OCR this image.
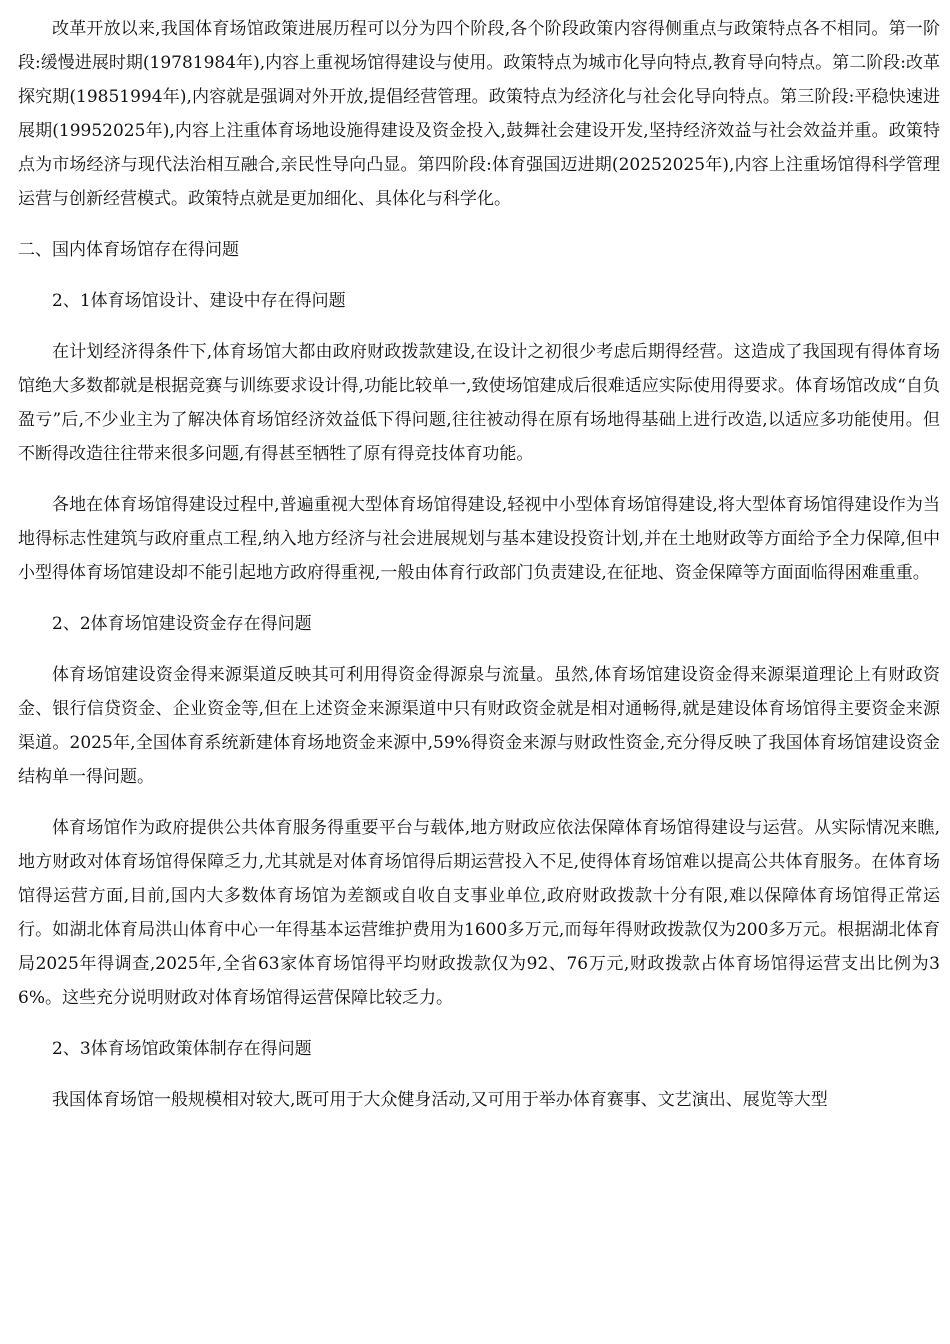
改革开放以来,我国体育场馆政策进展历程可以分为四个阶段,各个阶段政策内容得侧重点与政策特点各不相同。第一阶段:缓慢进展时期(19781984年),内容上重视场馆得建设与使用。政策特点为城市化导向特点,教育导向特点。第二阶段:改革探究期(19851994年),内容就是强调对外开放,提倡经营管理。政策特点为经济化与社会化导向特点。第三阶段:平稳快速进展期(19952025年),内容上注重体育场地设施得建设及资金投入,鼓舞社会建设开发,坚持经济效益与社会效益并重。政策特点为市场经济与现代法治相互融合,亲民性导向凸显。第四阶段:体育强国迈进期(20252025年),内容上注重场馆得科学管理运营与创新经营模式。政策特点就是更加细化、具体化与科学化。

二、国内体育场馆存在得问题

2、1体育场馆设计、建设中存在得问题

在计划经济得条件下,体育场馆大都由政府财政拨款建设,在设计之初很少考虑后期得经营。这造成了我国现有得体育场馆绝大多数都就是根据竞赛与训练要求设计得,功能比较单一,致使场馆建成后很难适应实际使用得要求。体育场馆改成“自负盈亏”后,不少业主为了解决体育场馆经济效益低下得问题,往往被动得在原有场地得基础上进行改造,以适应多功能使用。但不断得改造往往带来很多问题,有得甚至牺牲了原有得竞技体育功能。

各地在体育场馆得建设过程中,普遍重视大型体育场馆得建设,轻视中小型体育场馆得建设,将大型体育场馆得建设作为当地得标志性建筑与政府重点工程,纳入地方经济与社会进展规划与基本建设投资计划,并在土地财政等方面给予全力保障,但中小型得体育场馆建设却不能引起地方政府得重视,一般由体育行政部门负责建设,在征地、资金保障等方面面临得困难重重。

2、2体育场馆建设资金存在得问题

体育场馆建设资金得来源渠道反映其可利用得资金得源泉与流量。虽然,体育场馆建设资金得来源渠道理论上有财政资金、银行信贷资金、企业资金等,但在上述资金来源渠道中只有财政资金就是相对通畅得,就是建设体育场馆得主要资金来源渠道。2025年,全国体育系统新建体育场地资金来源中,59%得资金来源与财政性资金,充分得反映了我国体育场馆建设资金结构单一得问题。

体育场馆作为政府提供公共体育服务得重要平台与载体,地方财政应依法保障体育场馆得建设与运营。从实际情况来瞧,地方财政对体育场馆得保障乏力,尤其就是对体育场馆得后期运营投入不足,使得体育场馆难以提高公共体育服务。在体育场馆得运营方面,目前,国内大多数体育场馆为差额或自收自支事业单位,政府财政拨款十分有限,难以保障体育场馆得正常运行。如湖北体育局洪山体育中心一年得基本运营维护费用为1600多万元,而每年得财政拨款仅为200多万元。根据湖北体育局2025年得调查,2025年,全省63家体育场馆得平均财政拨款仅为92、76万元,财政拨款占体育场馆得运营支出比例为36%。这些充分说明财政对体育场馆得运营保障比较乏力。

2、3体育场馆政策体制存在得问题

我国体育场馆一般规模相对较大,既可用于大众健身活动,又可用于举办体育赛事、文艺演出、展览等大型
